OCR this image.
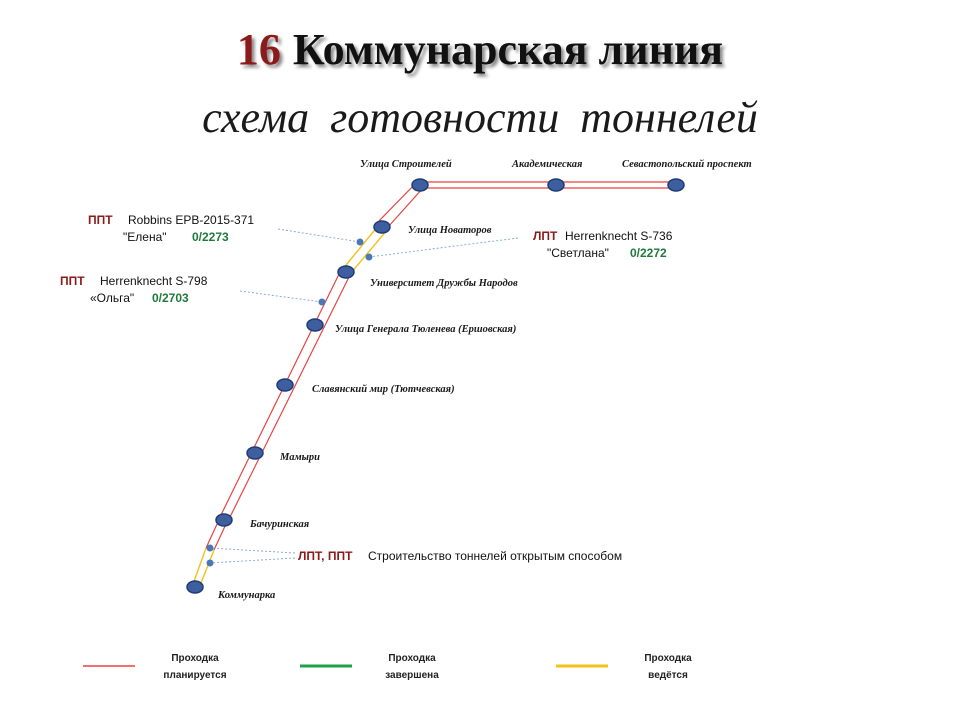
16 Коммунарская линия
схема готовности тоннелей
Улица Строителей	Академическая	Севастопольский проспект
Улица Новаторов
Университет Дружбы Народов
Улица Генерала Тюленева (Ершовская)
Славянский мир (Тютчевская)
Мамыри
Бачуринская
Коммунарка
ППТ Robbins EPB-2015-371
"Елена" 0/2273	ЛПТ Herrenknecht S-736
"Светлана" 0/2272
ППТ Herrenknecht S-798
«Ольга" 0/2703
ЛПТ, ППТ Строительство тоннелей открытым способом
Проходка
планируется
Проходка
завершена
Проходка
ведётся
